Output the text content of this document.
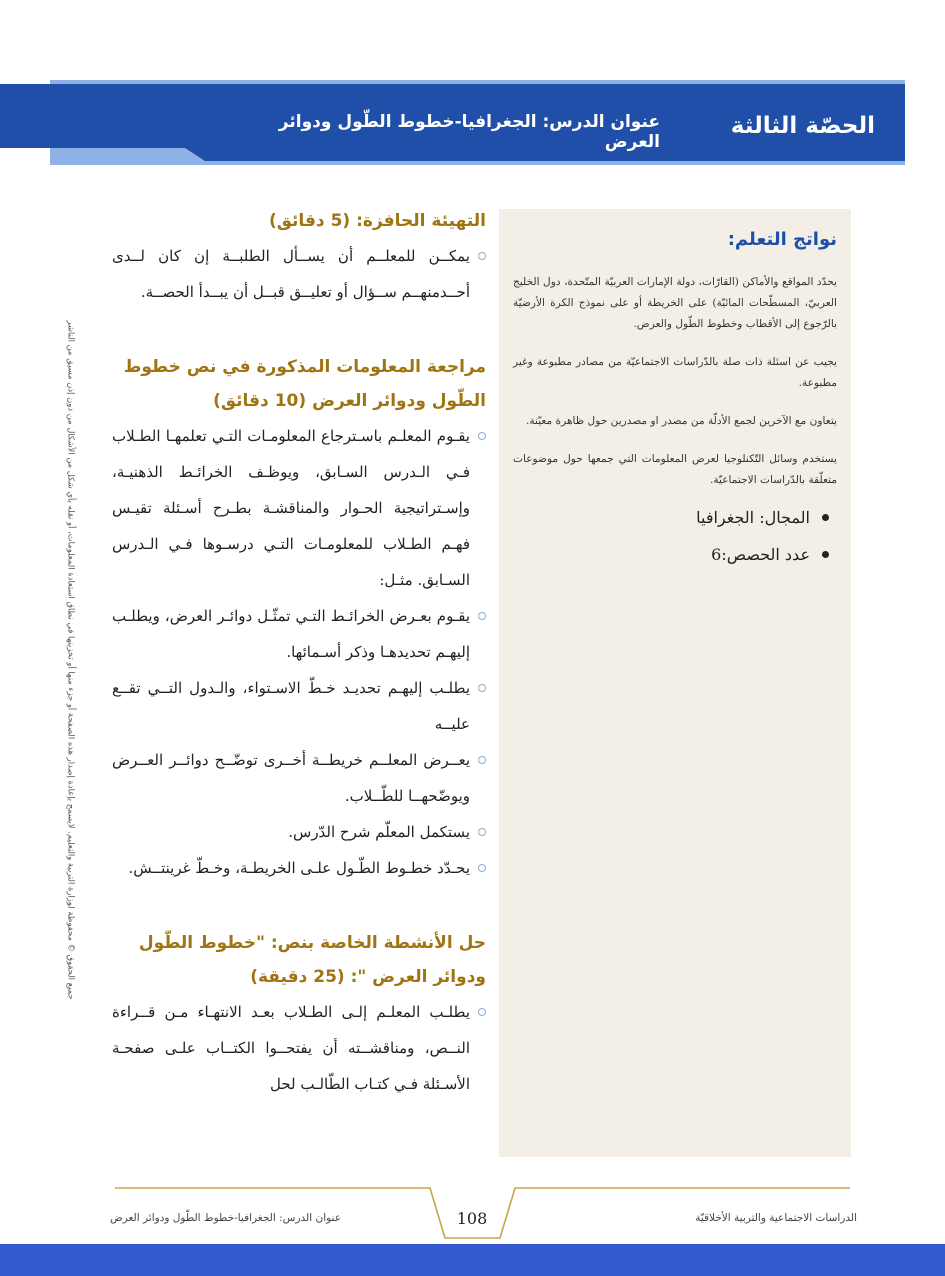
عنوان الدرس: الجغرافيا-خطوط الطّول ودوائر العرض
الحصّة الثالثة
جميع الحقوق © محفوظة لوزارة التربية والتعليم. لايسمح بإعادة إصدار هذه الصفحة أو جزء منها أو تخزينها في نطاق استعادة المعلومات، أو نقله بأي شكل من الأشكال من دون إذن مسبق من الناشر
نواتج التعلم:

يحدّد المواقع والأماكن (القارّات، دولة الإمارات العربيّة المتّحدة، دول الخليج العربيّ، المسطّحات المائيّة) على الخريطة أو على نموذج الكرة الأرضيّة بالرّجوع إلى الأقطاب وخطوط الطّول والعرض.

يجيب عن اسئلة ذات صلة بالدّراسات الاجتماعيّة من مصادر مطبوعة وغير مطبوعة.

يتعاون مع الآخرين لجمع الأدلّة من مصدر او مصدرين حول ظاهرة معيّنة.

يستخدم وسائل التّكنلوجيا لعرض المعلومات التي جمعها حول موضوعات متعلّقة بالدّراسات الاجتماعيّة.

المجال: الجغرافيا
عدد الحصص:6
التهيئة الحافزة: (5 دقائق)

يمكــن للمعلــم أن يســأل الطلبــة إن كان لــدى أحــدمنهــم ســؤال أو تعليــق قبــل أن يبــدأ الحصــة.

مراجعة المعلومات المذكورة في نص خطوط الطّول ودوائر العرض (10 دقائق)

يقـوم المعلـم باسـترجاع المعلومـات التـي تعلمهـا الطـلاب فـي الـدرس السـابق، ويوظـف الخرائـط الذهنيـة، وإسـتراتيجية الحـوار والمناقشـة بطـرح أسـئلة تقيـس فهـم الطـلاب للمعلومـات التـي درسـوها فـي الـدرس السـابق. مثـل:

يقـوم بعـرض الخرائـط التـي تمثّـل دوائـر العرض، ويطلـب إليهـم تحديدهـا وذكر أسـمائها.

يطلـب إليهـم تحديـد خـطّ الاسـتواء، والـدول التــي تقــع عليــه

يعــرض المعلــم خريطــة أخــرى توضّــح دوائــر العــرض ويوضّحهــا للطّــلاب.

يستكمل المعلّم شرح الدّرس.

يحـدّد خطـوط الطّـول علـى الخريطـة، وخـطّ غرينتــش.

حل الأنشطة الخاصة بنص: "خطوط الطّول ودوائر العرض ": (25 دقيقة)

يطلـب المعلـم إلـى الطـلاب بعـد الانتهـاء مـن قــراءة النــص، ومناقشــته أن يفتحــوا الكتــاب علـى صفحـة الأسـئلة فـي كتـاب الطّالـب لحل

عنوان الدرس: الجغرافيا-خطوط الطّول ودوائر العرض	108	الدراسات الاجتماعية والتربية الأخلاقيّة
